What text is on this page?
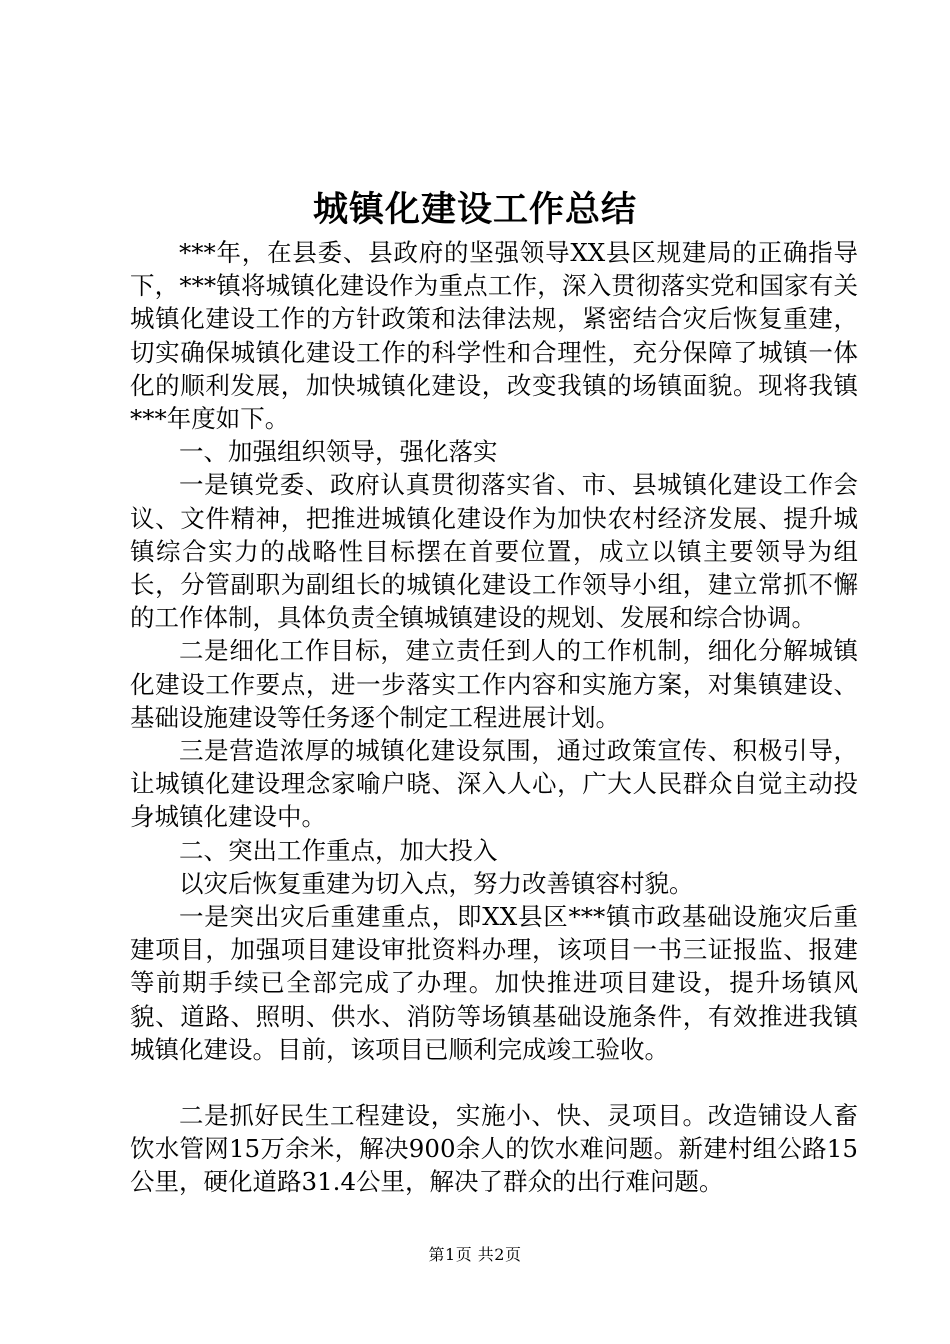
城镇化建设工作总结

***年，在县委、县政府的坚强领导XX县区规建局的正确指导下，***镇将城镇化建设作为重点工作，深入贯彻落实党和国家有关城镇化建设工作的方针政策和法律法规，紧密结合灾后恢复重建，切实确保城镇化建设工作的科学性和合理性，充分保障了城镇一体化的顺利发展，加快城镇化建设，改变我镇的场镇面貌。现将我镇***年度如下。

一、加强组织领导，强化落实

一是镇党委、政府认真贯彻落实省、市、县城镇化建设工作会议、文件精神，把推进城镇化建设作为加快农村经济发展、提升城镇综合实力的战略性目标摆在首要位置，成立以镇主要领导为组长，分管副职为副组长的城镇化建设工作领导小组，建立常抓不懈的工作体制，具体负责全镇城镇建设的规划、发展和综合协调。

二是细化工作目标，建立责任到人的工作机制，细化分解城镇化建设工作要点，进一步落实工作内容和实施方案，对集镇建设、基础设施建设等任务逐个制定工程进展计划。

三是营造浓厚的城镇化建设氛围，通过政策宣传、积极引导，让城镇化建设理念家喻户晓、深入人心，广大人民群众自觉主动投身城镇化建设中。

二、突出工作重点，加大投入

以灾后恢复重建为切入点，努力改善镇容村貌。

一是突出灾后重建重点，即XX县区***镇市政基础设施灾后重建项目，加强项目建设审批资料办理，该项目一书三证报监、报建等前期手续已全部完成了办理。加快推进项目建设，提升场镇风貌、道路、照明、供水、消防等场镇基础设施条件，有效推进我镇城镇化建设。目前，该项目已顺利完成竣工验收。

二是抓好民生工程建设，实施小、快、灵项目。改造铺设人畜饮水管网15万余米，解决900余人的饮水难问题。新建村组公路15公里，硬化道路31.4公里，解决了群众的出行难问题。

第1页 共2页
